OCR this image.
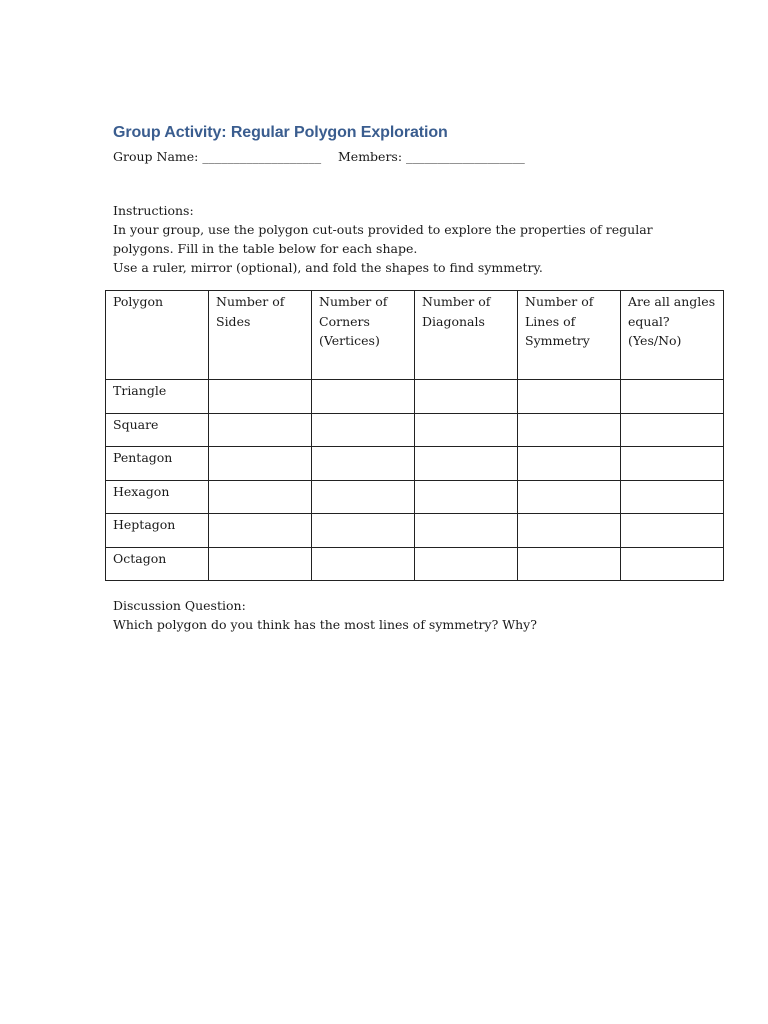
Group Activity: Regular Polygon Exploration
Group Name: ___________________ Members: ___________________

Instructions:

In your group, use the polygon cut-outs provided to explore the properties of regular

polygons. Fill in the table below for each shape.

Use a ruler, mirror (optional), and fold the shapes to find symmetry.

Polygon	Number of Sides	Number of Corners (Vertices)	Number of Diagonals	Number of Lines of Symmetry	Are all angles equal? (Yes/No)
Triangle					
Square					
Pentagon					
Hexagon					
Heptagon					
Octagon					

Discussion Question:

Which polygon do you think has the most lines of symmetry? Why?
